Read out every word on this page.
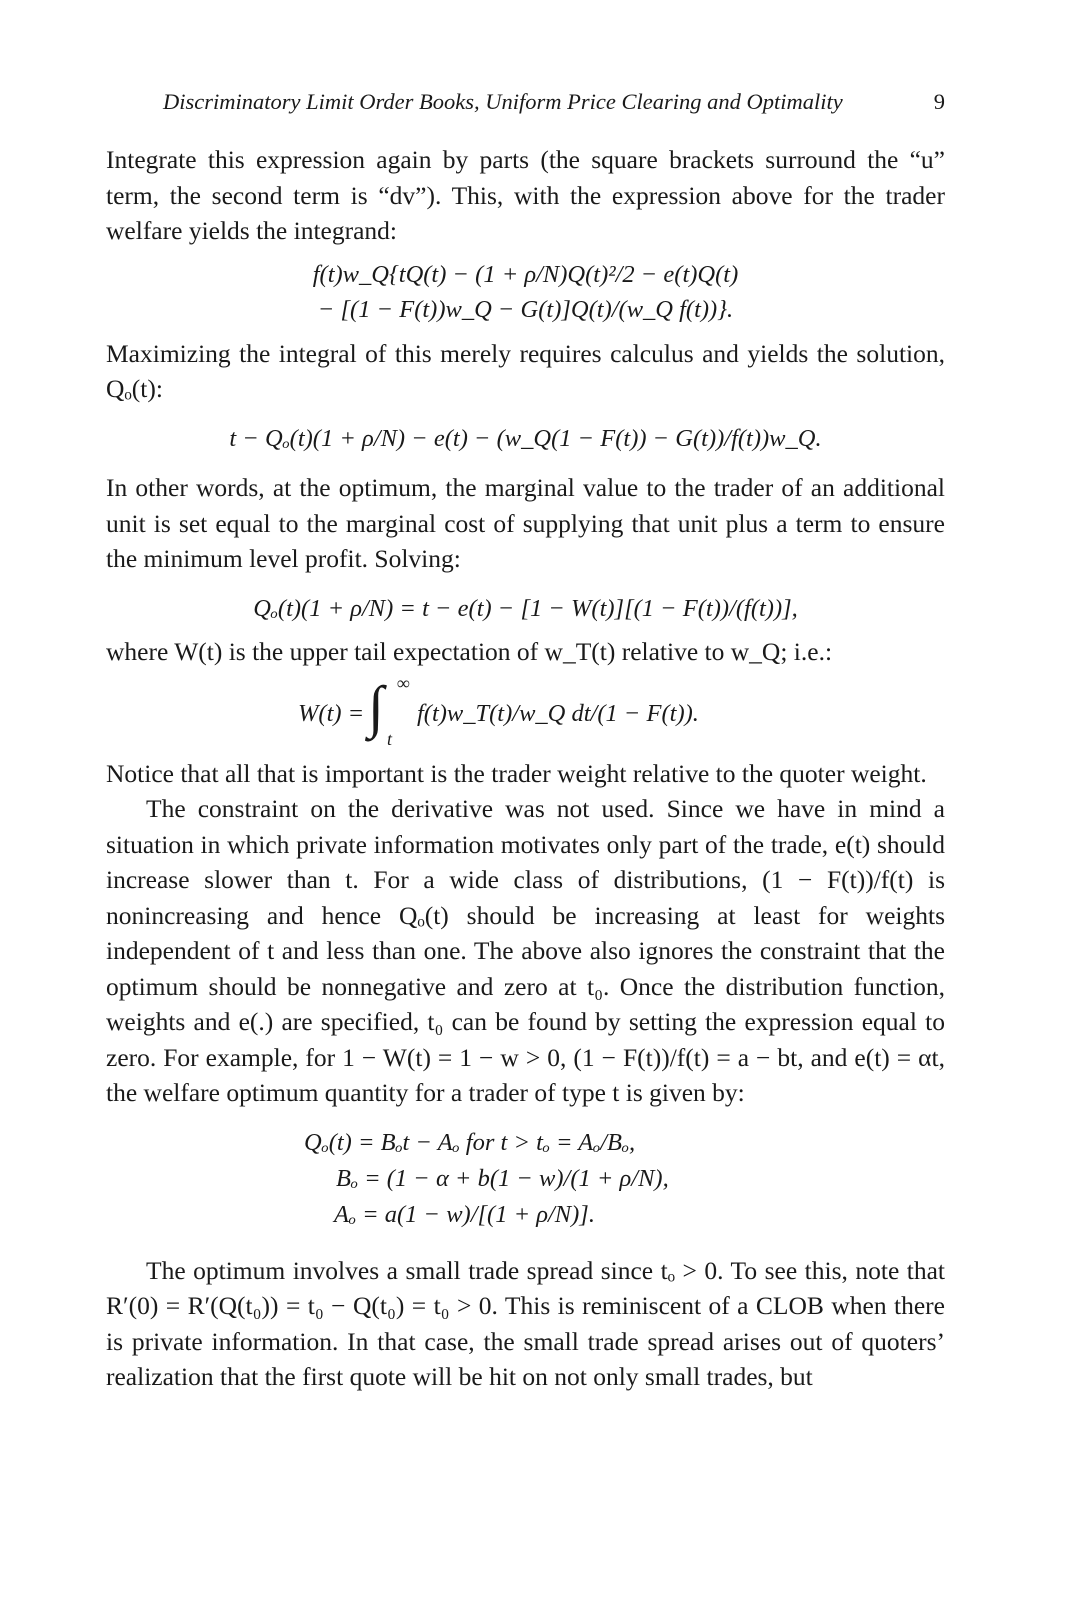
Discriminatory Limit Order Books, Uniform Price Clearing and Optimality	9

Integrate this expression again by parts (the square brackets surround the “u” term, the second term is “dv”). This, with the expression above for the trader welfare yields the integrand:

f(t)w_Q{tQ(t) − (1 + ρ/N)Q(t)²/2 − e(t)Q(t)
− [(1 − F(t))w_Q − G(t)]Q(t)/(w_Q f(t))}.

Maximizing the integral of this merely requires calculus and yields the solution, Qₒ(t):

t − Qₒ(t)(1 + ρ/N) − e(t) − (w_Q(1 − F(t)) − G(t))/f(t))w_Q.

In other words, at the optimum, the marginal value to the trader of an additional unit is set equal to the marginal cost of supplying that unit plus a term to ensure the minimum level profit. Solving:

Qₒ(t)(1 + ρ/N) = t − e(t) − [1 − W(t)][(1 − F(t))/(f(t))],

where W(t) is the upper tail expectation of w_T(t) relative to w_Q; i.e.:

W(t) = ∫ ∞
t
f(t)w_T(t)/w_Q dt/(1 − F(t)).

Notice that all that is important is the trader weight relative to the quoter weight.

The constraint on the derivative was not used. Since we have in mind a situation in which private information motivates only part of the trade, e(t) should increase slower than t. For a wide class of distributions, (1 − F(t))/f(t) is nonincreasing and hence Qₒ(t) should be increasing at least for weights independent of t and less than one. The above also ignores the constraint that the optimum should be nonnegative and zero at t₀. Once the distribution function, weights and e(.) are specified, t₀ can be found by setting the expression equal to zero. For example, for 1 − W(t) = 1 − w > 0, (1 − F(t))/f(t) = a − bt, and e(t) = αt, the welfare optimum quantity for a trader of type t is given by:

Qₒ(t) = Bₒt − Aₒ for t > tₒ = Aₒ/Bₒ,
Bₒ = (1 − α + b(1 − w)/(1 + ρ/N),
Aₒ = a(1 − w)/[(1 + ρ/N)].

The optimum involves a small trade spread since tₒ > 0. To see this, note that R′(0) = R′(Q(t₀)) = t₀ − Q(t₀) = t₀ > 0. This is reminiscent of a CLOB when there is private information. In that case, the small trade spread arises out of quoters’ realization that the first quote will be hit on not only small trades, but
